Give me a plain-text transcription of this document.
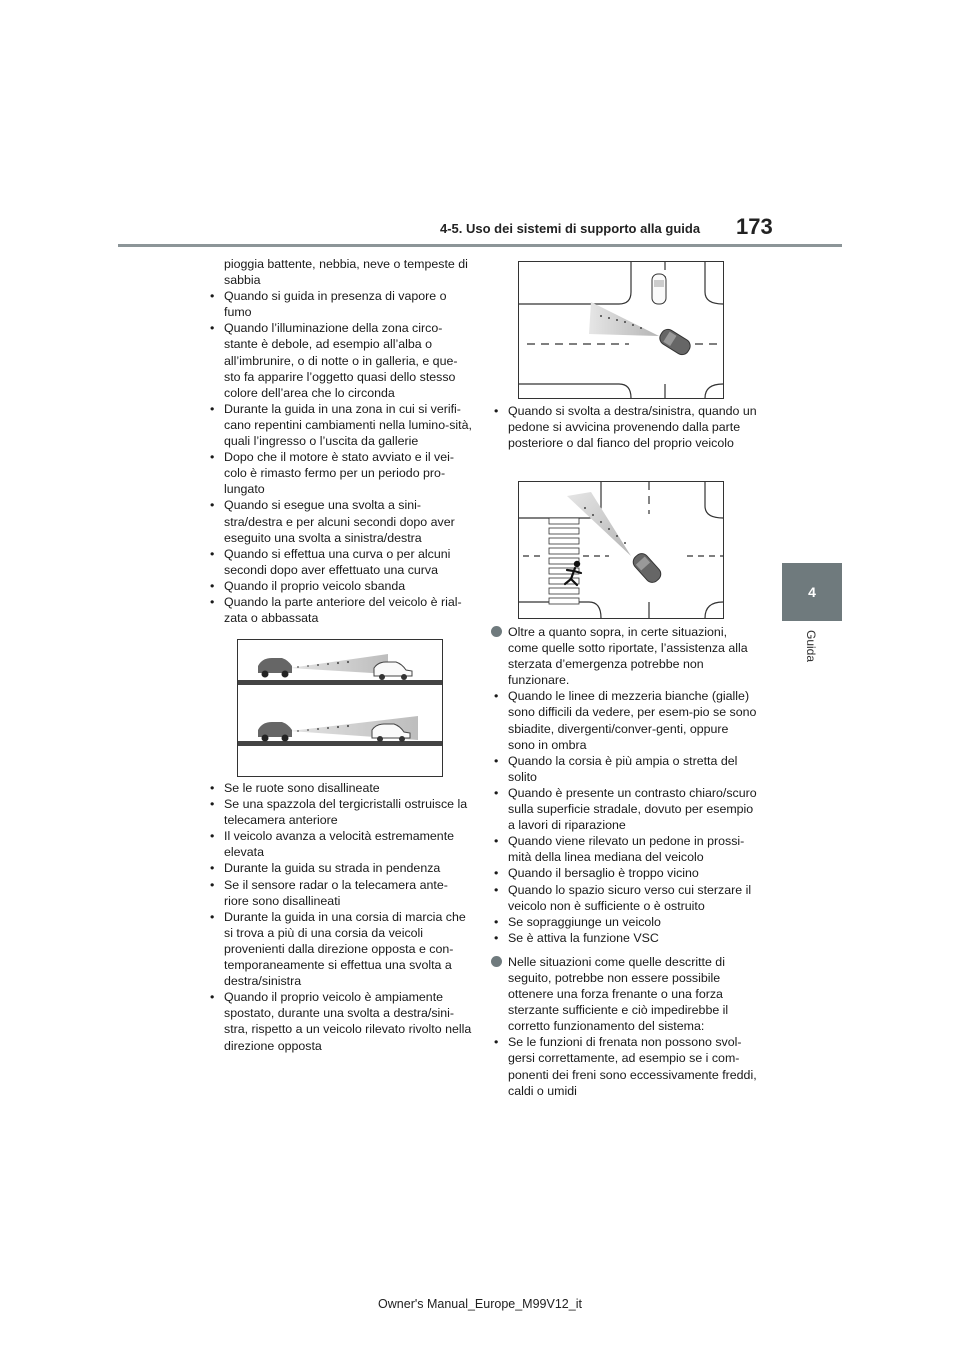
4-5. Uso dei sistemi di supporto alla guida 173
4
Guida

pioggia battente, nebbia, neve o tempeste di sabbia

• Quando si guida in presenza di vapore o fumo
• Quando l’illuminazione della zona circo-stante è debole, ad esempio all’alba o all’imbrunire, o di notte o in galleria, e que-sto fa apparire l’oggetto quasi dello stesso colore dell’area che lo circonda
• Durante la guida in una zona in cui si verifi-cano repentini cambiamenti nella lumino-sità, quali l’ingresso o l’uscita da gallerie
• Dopo che il motore è stato avviato e il vei-colo è rimasto fermo per un periodo pro-lungato
• Quando si esegue una svolta a sini-stra/destra e per alcuni secondi dopo aver eseguito una svolta a sinistra/destra
• Quando si effettua una curva o per alcuni secondi dopo aver effettuato una curva
• Quando il proprio veicolo sbanda
• Quando la parte anteriore del veicolo è rial-zata o abbassata
• Se le ruote sono disallineate
• Se una spazzola del tergicristalli ostruisce la telecamera anteriore
• Il veicolo avanza a velocità estremamente elevata
• Durante la guida su strada in pendenza
• Se il sensore radar o la telecamera ante-riore sono disallineati
• Durante la guida in una corsia di marcia che si trova a più di una corsia da veicoli provenienti dalla direzione opposta e con-temporaneamente si effettua una svolta a destra/sinistra
• Quando il proprio veicolo è ampiamente spostato, durante una svolta a destra/sini-stra, rispetto a un veicolo rilevato rivolto nella direzione opposta
• Quando si svolta a destra/sinistra, quando un pedone si avvicina provenendo dalla parte posteriore o dal fianco del proprio veicolo

Oltre a quanto sopra, in certe situazioni, come quelle sotto riportate, l’assistenza alla sterzata d’emergenza potrebbe non funzionare.

• Quando le linee di mezzeria bianche (gialle) sono difficili da vedere, per esem-pio se sono sbiadite, divergenti/conver-genti, oppure sono in ombra
• Quando la corsia è più ampia o stretta del solito
• Quando è presente un contrasto chiaro/scuro sulla superficie stradale, dovuto per esempio a lavori di riparazione
• Quando viene rilevato un pedone in prossi-mità della linea mediana del veicolo
• Quando il bersaglio è troppo vicino
• Quando lo spazio sicuro verso cui sterzare il veicolo non è sufficiente o è ostruito
• Se sopraggiunge un veicolo
• Se è attiva la funzione VSC

Nelle situazioni come quelle descritte di seguito, potrebbe non essere possibile ottenere una forza frenante o una forza sterzante sufficiente e ciò impedirebbe il corretto funzionamento del sistema:

• Se le funzioni di frenata non possono svol-gersi correttamente, ad esempio se i com-ponenti dei freni sono eccessivamente freddi, caldi o umidi
Owner's Manual_Europe_M99V12_it
